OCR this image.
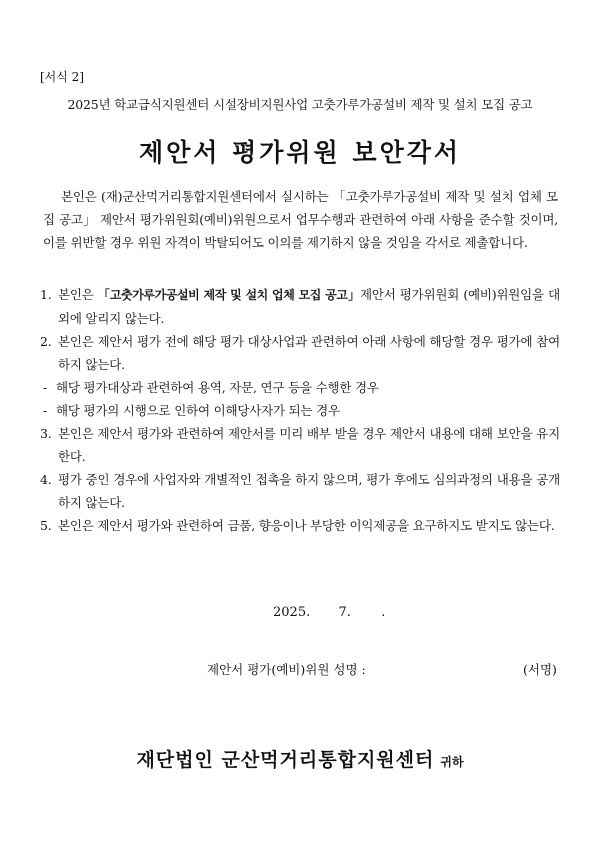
[서식 2]
2025년 학교급식지원센터 시설장비지원사업 고춧가루가공설비 제작 및 설치 모집 공고
제안서 평가위원 보안각서
본인은 (재)군산먹거리통합지원센터에서 실시하는 「고춧가루가공설비 제작 및 설치 업체 모집 공고」 제안서 평가위원회(예비)위원으로서 업무수행과 관련하여 아래 사항을 준수할 것이며, 이를 위반할 경우 위원 자격이 박탈되어도 이의를 제기하지 않을 것임을 각서로 제출합니다.
1. 본인은 「고춧가루가공설비 제작 및 설치 업체 모집 공고」제안서 평가위원회 (예비)위원임을 대외에 알리지 않는다.
2. 본인은 제안서 평가 전에 해당 평가 대상사업과 관련하여 아래 사항에 해당할 경우 평가에 참여하지 않는다.
- 해당 평가대상과 관련하여 용역, 자문, 연구 등을 수행한 경우
- 해당 평가의 시행으로 인하여 이해당사자가 되는 경우
3. 본인은 제안서 평가와 관련하여 제안서를 미리 배부 받을 경우 제안서 내용에 대해 보안을 유지한다.
4. 평가 중인 경우에 사업자와 개별적인 접촉을 하지 않으며, 평가 후에도 심의과정의 내용을 공개하지 않는다.
5. 본인은 제안서 평가와 관련하여 금품, 향응이나 부당한 이익제공을 요구하지도 받지도 않는다.
2025. 7. .
제안서 평가(예비)위원 성명 :	(서명)
재단법인 군산먹거리통합지원센터 귀하
